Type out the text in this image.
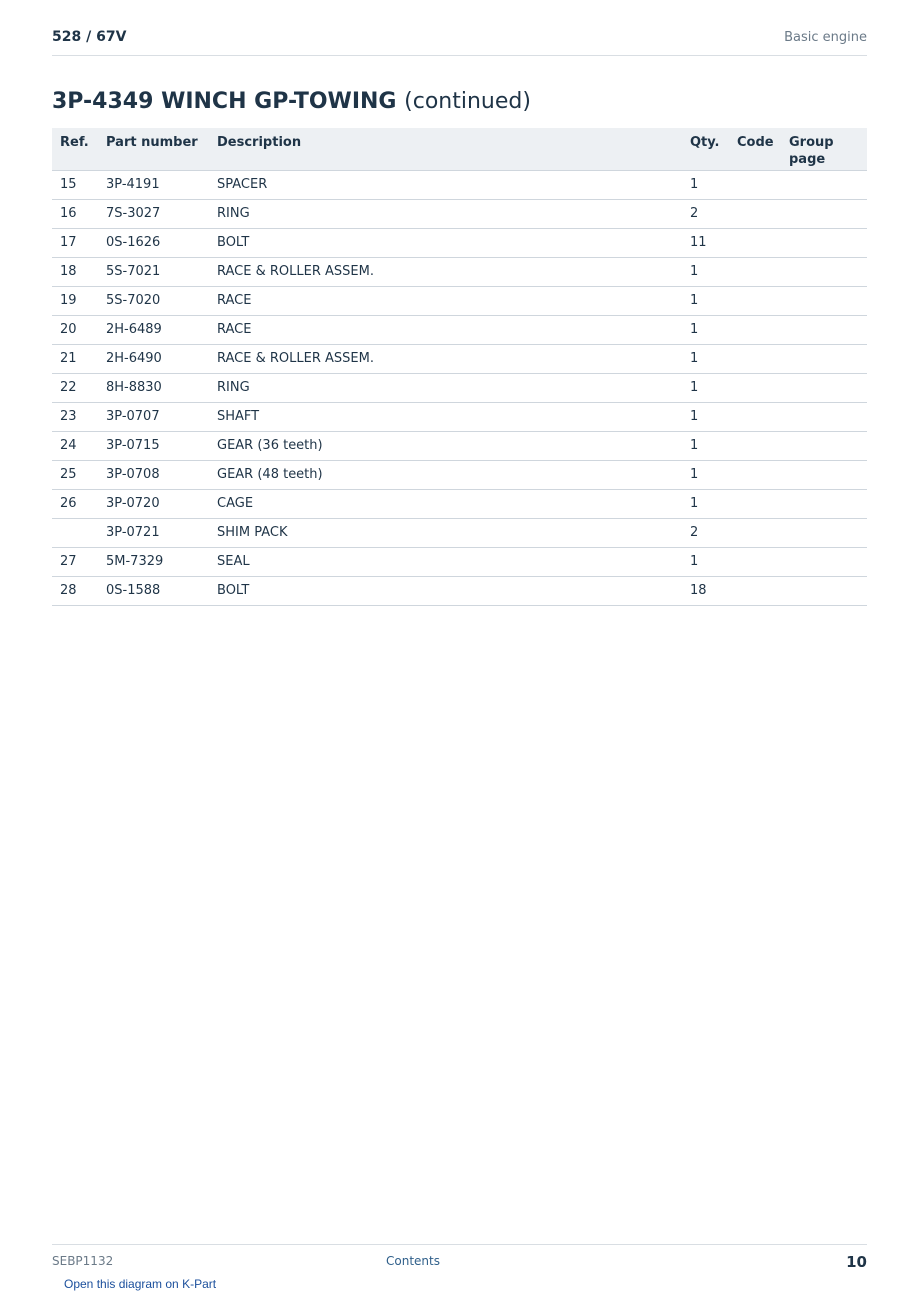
528 / 67V	Basic engine
3P-4349 WINCH GP-TOWING (continued)
Ref.	Part number	Description	Qty.	Code	Group page
15	3P-4191	SPACER	1		
16	7S-3027	RING	2		
17	0S-1626	BOLT	11		
18	5S-7021	RACE & ROLLER ASSEM.	1		
19	5S-7020	RACE	1		
20	2H-6489	RACE	1		
21	2H-6490	RACE & ROLLER ASSEM.	1		
22	8H-8830	RING	1		
23	3P-0707	SHAFT	1		
24	3P-0715	GEAR (36 teeth)	1		
25	3P-0708	GEAR (48 teeth)	1		
26	3P-0720	CAGE	1		
	3P-0721	SHIM PACK	2		
27	5M-7329	SEAL	1		
28	0S-1588	BOLT	18		
SEBP1132	Contents	10
Open this diagram on K-Part
